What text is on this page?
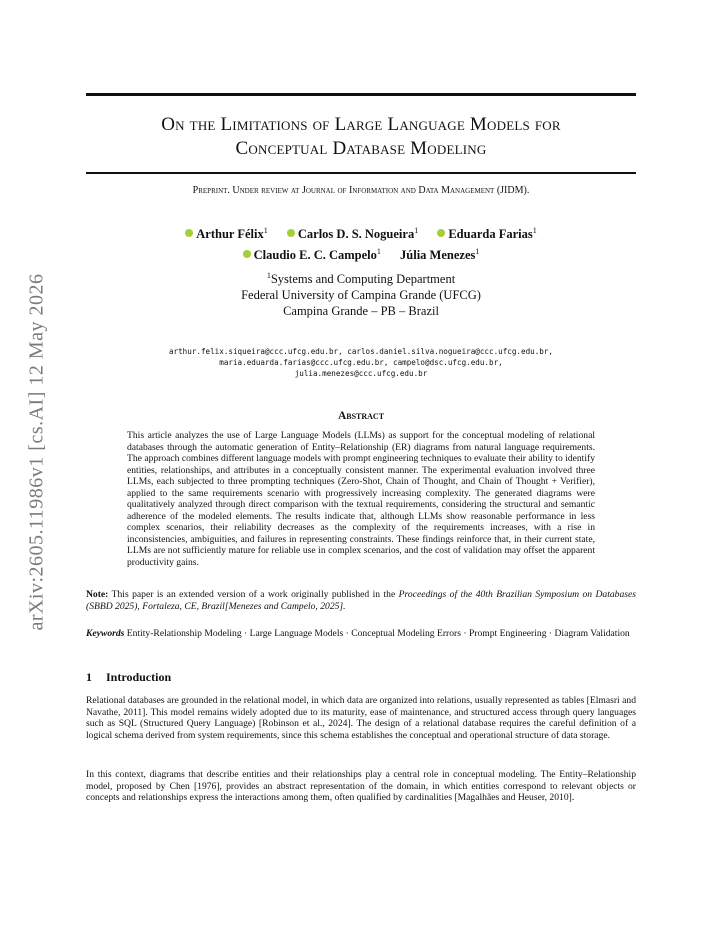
arXiv:2605.11986v1 [cs.AI] 12 May 2026
On the Limitations of Large Language Models for
Conceptual Database Modeling
Preprint. Under review at Journal of Information and Data Management (JIDM).
Arthur Félix$^1$ Carlos D. S. Nogueira$^1$ Eduarda Farias$^1$
Claudio E. C. Campelo$^1$ Júlia Menezes$^1$
$^1$Systems and Computing Department
Federal University of Campina Grande (UFCG)
Campina Grande – PB – Brazil
arthur.felix.siqueira@ccc.ufcg.edu.br, carlos.daniel.silva.nogueira@ccc.ufcg.edu.br,
maria.eduarda.farias@ccc.ufcg.edu.br, campelo@dsc.ufcg.edu.br,
julia.menezes@ccc.ufcg.edu.br
Abstract
This article analyzes the use of Large Language Models (LLMs) as support for the conceptual modeling of relational databases through the automatic generation of Entity–Relationship (ER) diagrams from natural language requirements. The approach combines different language models with prompt engineering techniques to evaluate their ability to identify entities, relationships, and attributes in a conceptually consistent manner. The experimental evaluation involved three LLMs, each subjected to three prompting techniques (Zero-Shot, Chain of Thought, and Chain of Thought + Verifier), applied to the same requirements scenario with progressively increasing complexity. The generated diagrams were qualitatively analyzed through direct comparison with the textual requirements, considering the structural and semantic adherence of the modeled elements. The results indicate that, although LLMs show reasonable performance in less complex scenarios, their reliability decreases as the complexity of the requirements increases, with a rise in inconsistencies, ambiguities, and failures in representing constraints. These findings reinforce that, in their current state, LLMs are not sufficiently mature for reliable use in complex scenarios, and the cost of validation may offset the apparent productivity gains.
Note: This paper is an extended version of a work originally published in the Proceedings of the 40th Brazilian Symposium on Databases (SBBD 2025), Fortaleza, CE, Brazil[Menezes and Campelo, 2025].
Keywords Entity-Relationship Modeling · Large Language Models · Conceptual Modeling Errors · Prompt Engineering · Diagram Validation
1 Introduction
Relational databases are grounded in the relational model, in which data are organized into relations, usually represented as tables [Elmasri and Navathe, 2011]. This model remains widely adopted due to its maturity, ease of maintenance, and structured access through query languages such as SQL (Structured Query Language) [Robinson et al., 2024]. The design of a relational database requires the careful definition of a logical schema derived from system requirements, since this schema establishes the conceptual and operational structure of data storage.
In this context, diagrams that describe entities and their relationships play a central role in conceptual modeling. The Entity–Relationship model, proposed by Chen [1976], provides an abstract representation of the domain, in which entities correspond to relevant objects or concepts and relationships express the interactions among them, often qualified by cardinalities [Magalhães and Heuser, 2010].
